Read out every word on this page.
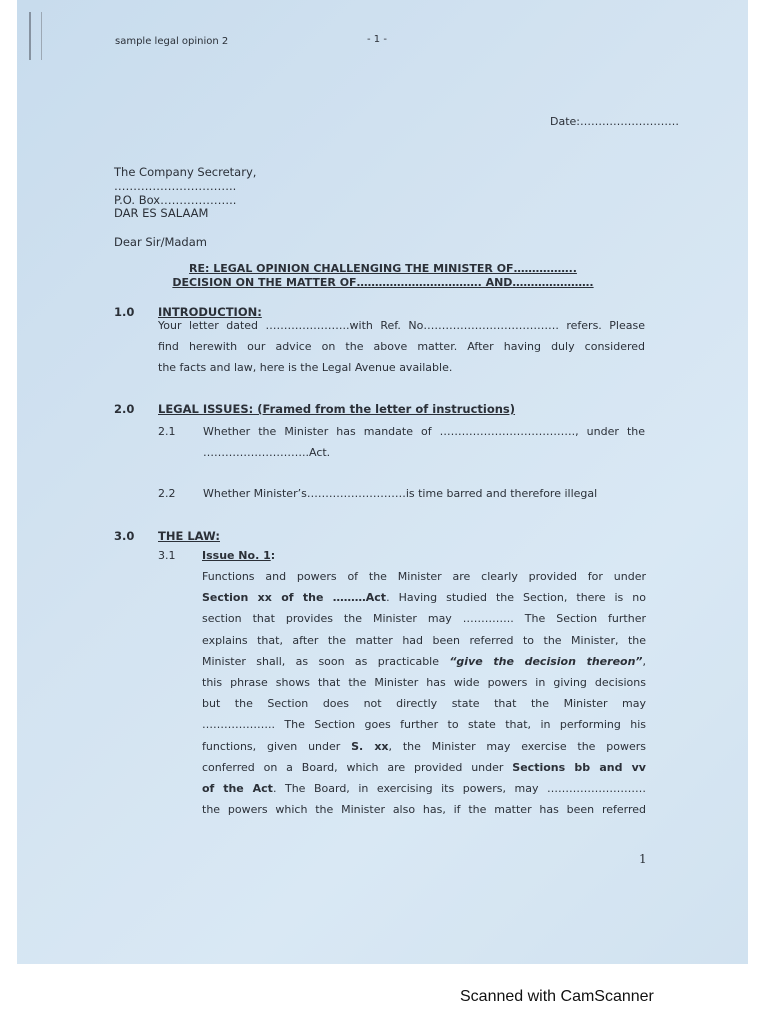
sample legal opinion 2	- 1 -
Date:………………………
The Company Secretary,
…………………………..
P.O. Box………………..
DAR ES SALAAM
Dear Sir/Madam
RE: LEGAL OPINION CHALLENGING THE MINISTER OF……………..
DECISION ON THE MATTER OF……………………………. AND………………….
1.0 INTRODUCTION:

Your letter dated …………………..with Ref. No………………………………. refers. Please

find herewith our advice on the above matter. After having duly considered

the facts and law, here is the Legal Avenue available.

2.0 LEGAL ISSUES: (Framed from the letter of instructions)
2.1	Whether the Minister has mandate of ………………………………., under the

………………………..Act.

2.2	Whether Minister’s………………………is time barred and therefore illegal
3.0 THE LAW:
3.1 Issue No. 1:

Functions and powers of the Minister are clearly provided for under

Section xx of the ………Act. Having studied the Section, there is no

section that provides the Minister may ………….. The Section further

explains that, after the matter had been referred to the Minister, the

Minister shall, as soon as practicable “give the decision thereon”,

this phrase shows that the Minister has wide powers in giving decisions

but the Section does not directly state that the Minister may

……………….. The Section goes further to state that, in performing his

functions, given under S. xx, the Minister may exercise the powers

conferred on a Board, which are provided under Sections bb and vv

of the Act. The Board, in exercising its powers, may ………………………

the powers which the Minister also has, if the matter has been referred

1
Scanned with CamScanner
